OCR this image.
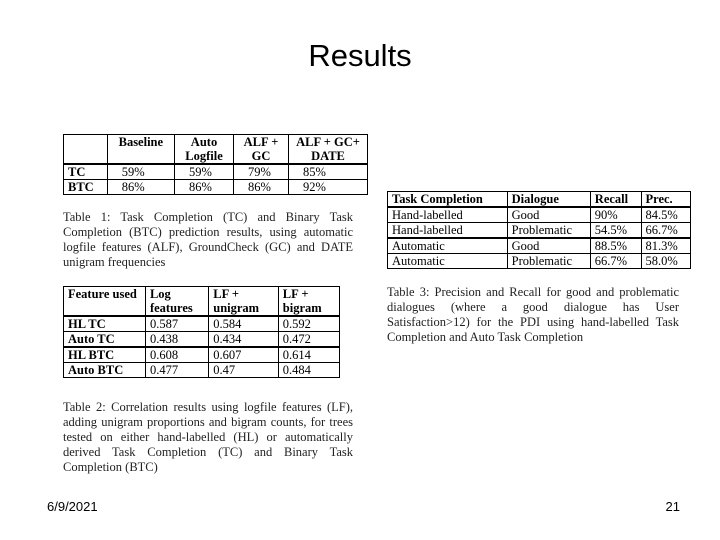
Results
	Baseline	Auto Logfile	ALF + GC	ALF + GC+ DATE
TC	59%	59%	79%	85%
BTC	86%	86%	86%	92%
Table 1: Task Completion (TC) and Binary Task Completion (BTC) prediction results, using automatic logfile features (ALF), GroundCheck (GC) and DATE unigram frequencies
Feature used	Log features	LF + unigram	LF + bigram
HL TC	0.587	0.584	0.592
Auto TC	0.438	0.434	0.472
HL BTC	0.608	0.607	0.614
Auto BTC	0.477	0.47	0.484
Table 2: Correlation results using logfile features (LF), adding unigram proportions and bigram counts, for trees tested on either hand-labelled (HL) or automatically derived Task Completion (TC) and Binary Task Completion (BTC)
Task Completion	Dialogue	Recall	Prec.
Hand-labelled	Good	90%	84.5%
Hand-labelled	Problematic	54.5%	66.7%
Automatic	Good	88.5%	81.3%
Automatic	Problematic	66.7%	58.0%
Table 3: Precision and Recall for good and problematic dialogues (where a good dialogue has User Satisfaction>12) for the PDI using hand-labelled Task Completion and Auto Task Completion
6/9/2021	21
